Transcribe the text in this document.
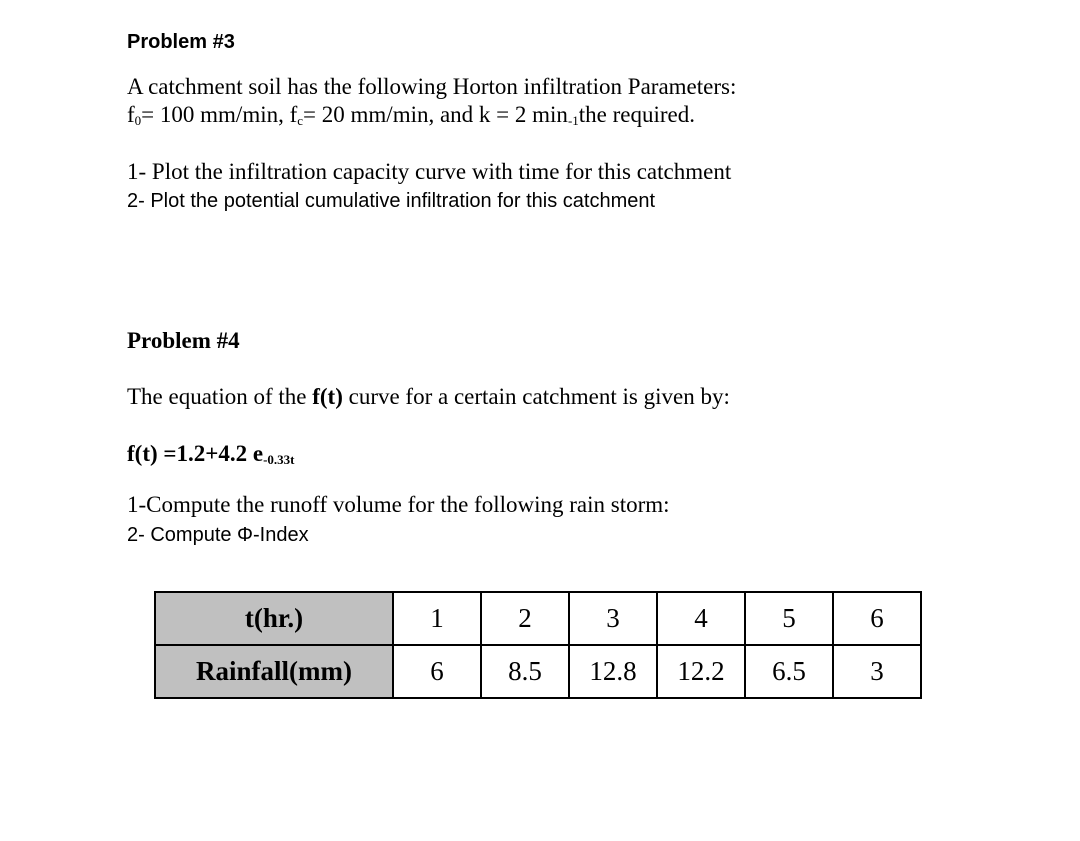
Problem #3
A catchment soil has the following Horton infiltration Parameters:
$f_0= 100$ mm/min, $f_c= 20$ mm/min, and k = 2 $\min_{-1}the$ required.
1- Plot the infiltration capacity curve with time for this catchment
2- Plot the potential cumulative infiltration for this catchment
Problem #4
The equation of the f(t) curve for a certain catchment is given by:
f(t) =1.2+4.2 e-0.33t
1-Compute the runoff volume for the following rain storm:
2- Compute Φ-Index
t(hr.)	1	2	3	4	5	6
Rainfall(mm)	6	8.5	12.8	12.2	6.5	3
